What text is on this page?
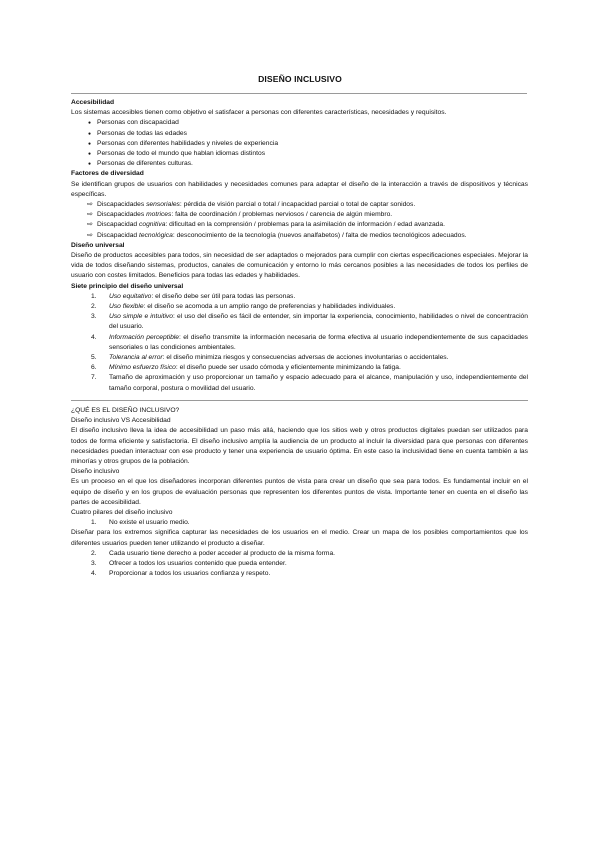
DISEÑO INCLUSIVO
Accesibilidad

Los sistemas accesibles tienen como objetivo el satisfacer a personas con diferentes características, necesidades y requisitos.

● Personas con discapacidad
● Personas de todas las edades
● Personas con diferentes habilidades y niveles de experiencia
● Personas de todo el mundo que hablan idiomas distintos
● Personas de diferentes culturas.
Factores de diversidad

Se identifican grupos de usuarios con habilidades y necesidades comunes para adaptar el diseño de la interacción a través de dispositivos y técnicas específicas.

⇨ Discapacidades sensoriales: pérdida de visión parcial o total / incapacidad parcial o total de captar sonidos.
⇨ Discapacidades motrices: falta de coordinación / problemas nerviosos / carencia de algún miembro.
⇨ Discapacidad cognitiva: dificultad en la comprensión / problemas para la asimilación de información / edad avanzada.
⇨ Discapacidad tecnológica: desconocimiento de la tecnología (nuevos analfabetos) / falta de medios tecnológicos adecuados.
Diseño universal

Diseño de productos accesibles para todos, sin necesidad de ser adaptados o mejorados para cumplir con ciertas especificaciones especiales. Mejorar la vida de todos diseñando sistemas, productos, canales de comunicación y entorno lo más cercanos posibles a las necesidades de todos los perfiles de usuario con costes limitados. Beneficios para todas las edades y habilidades.

Siete principio del diseño universal
1. Uso equitativo: el diseño debe ser útil para todas las personas.
2. Uso flexible: el diseño se acomoda a un amplio rango de preferencias y habilidades individuales.
3. Uso simple e intuitivo: el uso del diseño es fácil de entender, sin importar la experiencia, conocimiento, habilidades o nivel de concentración del usuario.
4. Información perceptible: el diseño transmite la información necesaria de forma efectiva al usuario independientemente de sus capacidades sensoriales o las condiciones ambientales.
5. Tolerancia al error: el diseño minimiza riesgos y consecuencias adversas de acciones involuntarias o accidentales.
6. Mínimo esfuerzo físico: el diseño puede ser usado cómoda y eficientemente minimizando la fatiga.
7. Tamaño de aproximación y uso proporcionar un tamaño y espacio adecuado para el alcance, manipulación y uso, independientemente del tamaño corporal, postura o movilidad del usuario.
¿QUÉ ES EL DISEÑO INCLUSIVO?
Diseño inclusivo VS Accesibilidad

El diseño inclusivo lleva la idea de accesibilidad un paso más allá, haciendo que los sitios web y otros productos digitales puedan ser utilizados para todos de forma eficiente y satisfactoria. El diseño inclusivo amplía la audiencia de un producto al incluir la diversidad para que personas con diferentes necesidades puedan interactuar con ese producto y tener una experiencia de usuario óptima. En este caso la inclusividad tiene en cuenta también a las minorías y otros grupos de la población.

Diseño inclusivo

Es un proceso en el que los diseñadores incorporan diferentes puntos de vista para crear un diseño que sea para todos. Es fundamental incluir en el equipo de diseño y en los grupos de evaluación personas que representen los diferentes puntos de vista. Importante tener en cuenta en el diseño las partes de accesibilidad.

Cuatro pilares del diseño inclusivo
1. No existe el usuario medio.

Diseñar para los extremos significa capturar las necesidades de los usuarios en el medio. Crear un mapa de los posibles comportamientos que los diferentes usuarios pueden tener utilizando el producto a diseñar.

2. Cada usuario tiene derecho a poder acceder al producto de la misma forma.
3. Ofrecer a todos los usuarios contenido que pueda entender.
4. Proporcionar a todos los usuarios confianza y respeto.
